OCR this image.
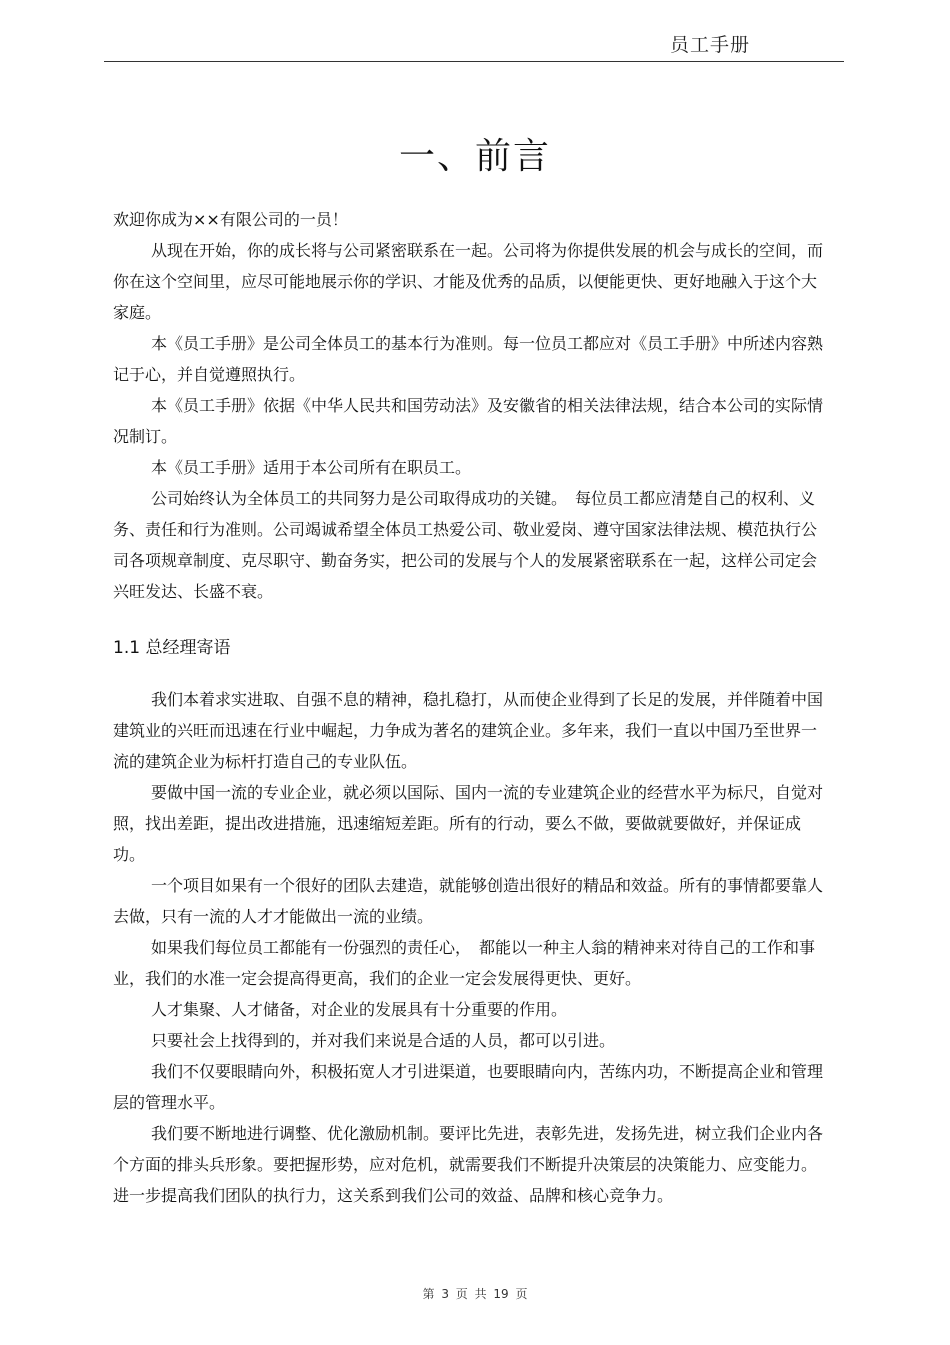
员工手册
一、前言

欢迎你成为××有限公司的一员！

从现在开始，你的成长将与公司紧密联系在一起。公司将为你提供发展的机会与成长的空间，而你在这个空间里，应尽可能地展示你的学识、才能及优秀的品质，以便能更快、更好地融入于这个大家庭。

本《员工手册》是公司全体员工的基本行为准则。每一位员工都应对《员工手册》中所述内容熟记于心，并自觉遵照执行。

本《员工手册》依据《中华人民共和国劳动法》及安徽省的相关法律法规，结合本公司的实际情况制订。

本《员工手册》适用于本公司所有在职员工。

公司始终认为全体员工的共同努力是公司取得成功的关键。　每位员工都应清楚自己的权利、义务、责任和行为准则。公司竭诚希望全体员工热爱公司、敬业爱岗、遵守国家法律法规、模范执行公司各项规章制度、克尽职守、勤奋务实，把公司的发展与个人的发展紧密联系在一起，这样公司定会兴旺发达、长盛不衰。

1.1 总经理寄语

我们本着求实进取、自强不息的精神，稳扎稳打，从而使企业得到了长足的发展，并伴随着中国建筑业的兴旺而迅速在行业中崛起，力争成为著名的建筑企业。多年来，我们一直以中国乃至世界一流的建筑企业为标杆打造自己的专业队伍。

要做中国一流的专业企业，就必须以国际、国内一流的专业建筑企业的经营水平为标尺，自觉对照，找出差距，提出改进措施，迅速缩短差距。所有的行动，要么不做，要做就要做好，并保证成功。

一个项目如果有一个很好的团队去建造，就能够创造出很好的精品和效益。所有的事情都要靠人去做，只有一流的人才才能做出一流的业绩。

如果我们每位员工都能有一份强烈的责任心，　都能以一种主人翁的精神来对待自己的工作和事业，我们的水准一定会提高得更高，我们的企业一定会发展得更快、更好。

人才集聚、人才储备，对企业的发展具有十分重要的作用。

只要社会上找得到的，并对我们来说是合适的人员，都可以引进。

我们不仅要眼睛向外，积极拓宽人才引进渠道，也要眼睛向内，苦练内功，不断提高企业和管理层的管理水平。

我们要不断地进行调整、优化激励机制。要评比先进，表彰先进，发扬先进，树立我们企业内各个方面的排头兵形象。要把握形势，应对危机，就需要我们不断提升决策层的决策能力、应变能力。进一步提高我们团队的执行力，这关系到我们公司的效益、品牌和核心竞争力。

第 3 页 共 19 页
